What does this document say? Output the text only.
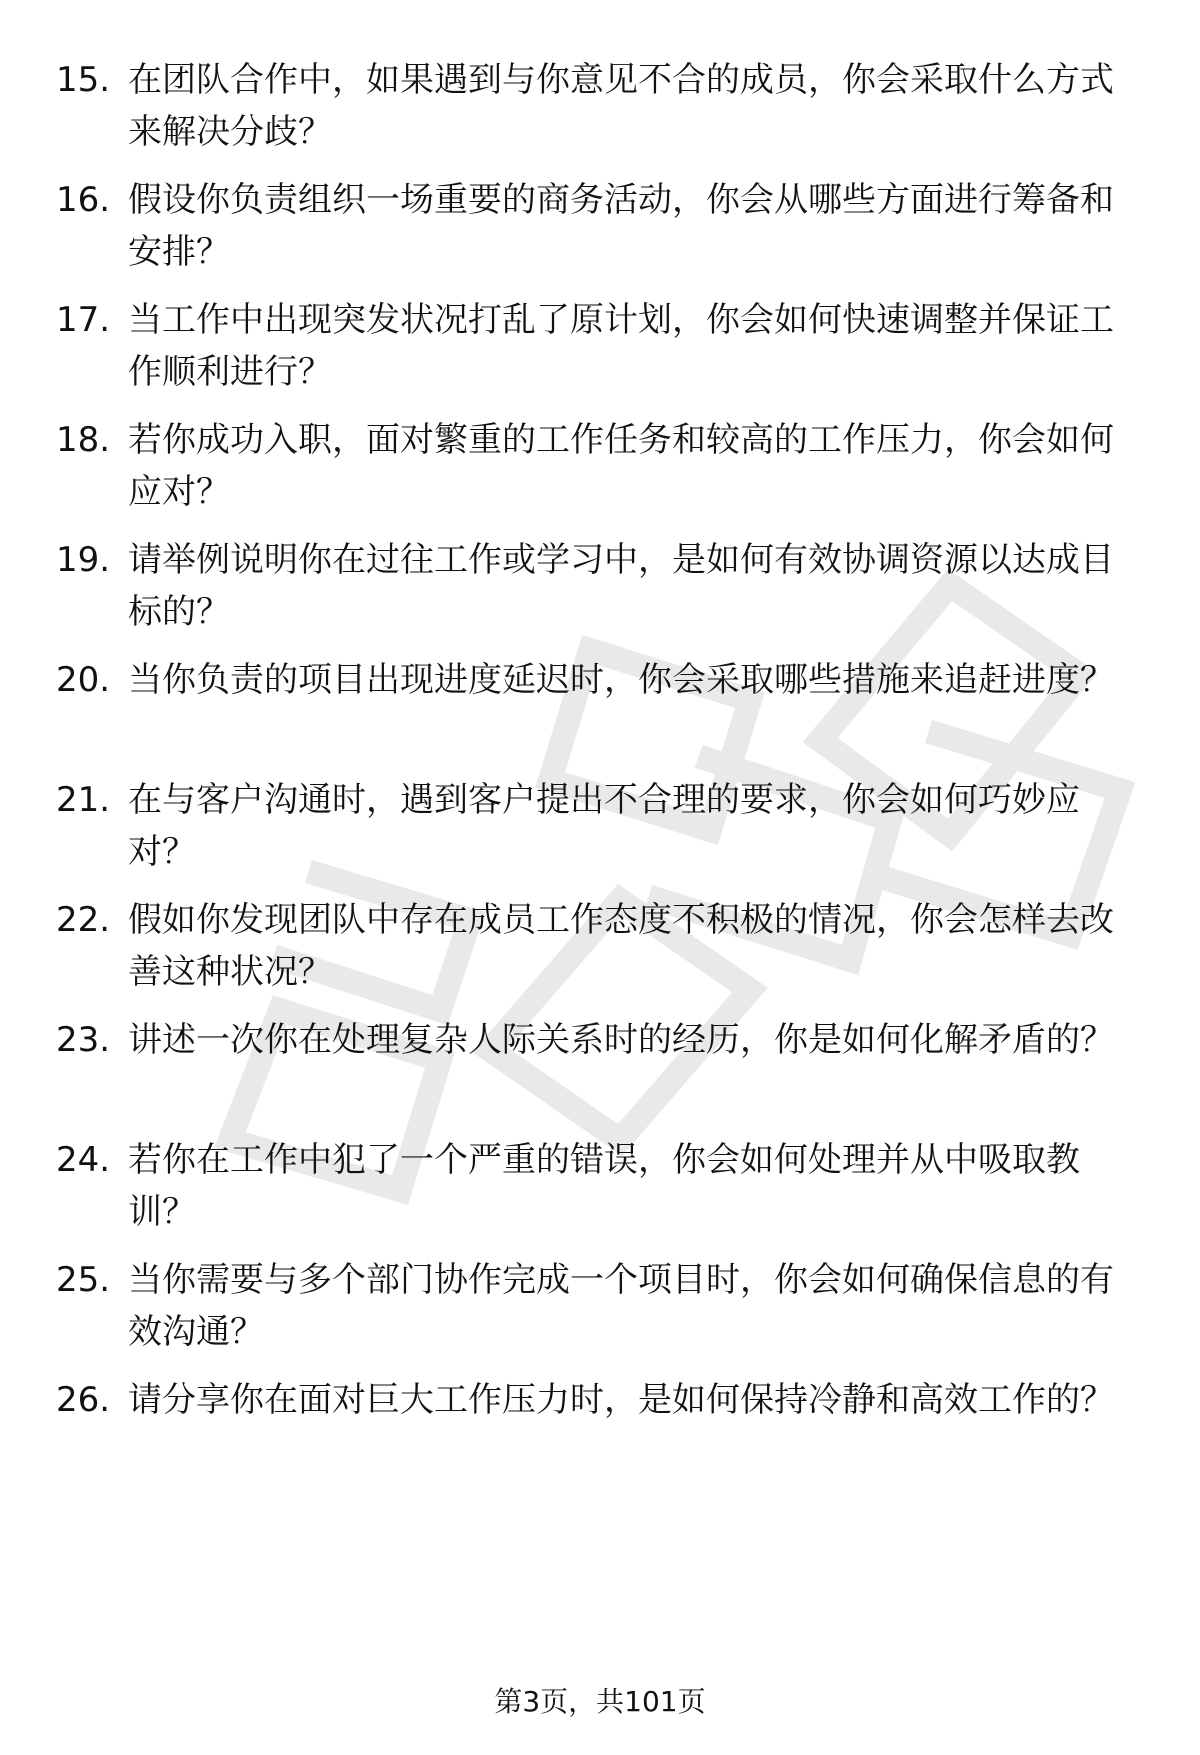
15. 在团队合作中，如果遇到与你意见不合的成员，你会采取什么方式来解决分歧？
16. 假设你负责组织一场重要的商务活动，你会从哪些方面进行筹备和安排？
17. 当工作中出现突发状况打乱了原计划，你会如何快速调整并保证工作顺利进行？
18. 若你成功入职，面对繁重的工作任务和较高的工作压力，你会如何应对？
19. 请举例说明你在过往工作或学习中，是如何有效协调资源以达成目标的？
20. 当你负责的项目出现进度延迟时，你会采取哪些措施来追赶进度？
21. 在与客户沟通时，遇到客户提出不合理的要求，你会如何巧妙应对？
22. 假如你发现团队中存在成员工作态度不积极的情况，你会怎样去改善这种状况？
23. 讲述一次你在处理复杂人际关系时的经历，你是如何化解矛盾的？
24. 若你在工作中犯了一个严重的错误，你会如何处理并从中吸取教训？
25. 当你需要与多个部门协作完成一个项目时，你会如何确保信息的有效沟通？
26. 请分享你在面对巨大工作压力时，是如何保持冷静和高效工作的？
第3页，共101页
